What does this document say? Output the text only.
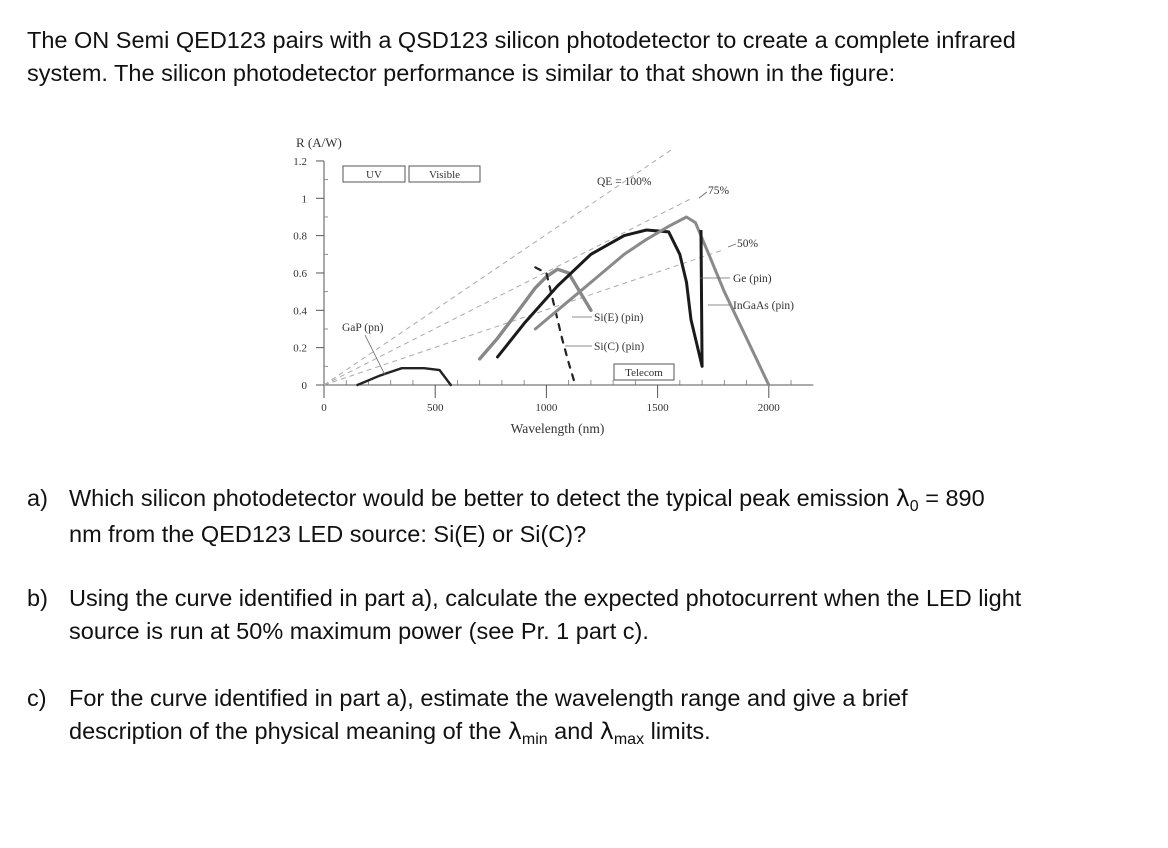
The ON Semi QED123 pairs with a QSD123 silicon photodetector to create a complete infrared
system. The silicon photodetector performance is similar to that shown in the figure:

UV	Visible
Telecom
0
0.2
0.4
0.6
0.8
1
1.2
R (A/W)
0	500	1000	1500	2000
Wavelength (nm)
QE = 100%
75%
50%
GaP (pn)
Si(E) (pin)
Si(C) (pin)
Ge (pin)
InGaAs (pin)
a) Which silicon photodetector would be better to detect the typical peak emission $\lambda_0 = 890$
nm from the QED123 LED source: Si(E) or Si(C)?
b) Using the curve identified in part a), calculate the expected photocurrent when the LED light
source is run at 50% maximum power (see Pr. 1 part c).
c) For the curve identified in part a), estimate the wavelength range and give a brief
description of the physical meaning of the $\lambda_{min}$ and $\lambda_{max}$ limits.
